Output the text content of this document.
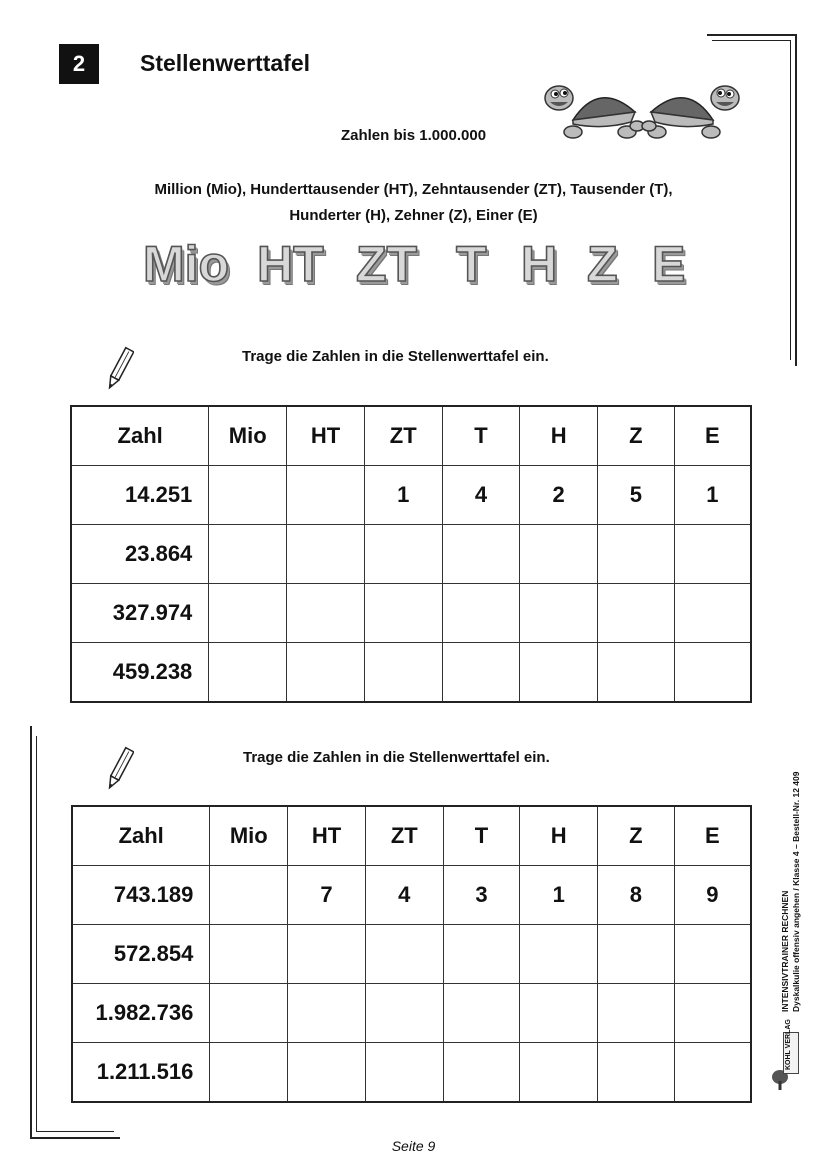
2	Stellenwerttafel
Zahlen bis 1.000.000
Million (Mio), Hunderttausender (HT), Zehntausender (ZT), Tausender (T),
Hunderter (H), Zehner (Z), Einer (E)
Mio HT ZT T H Z E
Trage die Zahlen in die Stellenwerttafel ein.
Zahl	Mio	HT	ZT	T	H	Z	E
14.251			1	4	2	5	1
23.864							
327.974							
459.238							
Trage die Zahlen in die Stellenwerttafel ein.
Zahl	Mio	HT	ZT	T	H	Z	E
743.189		7	4	3	1	8	9
572.854							
1.982.736							
1.211.516							
INTENSIVTRAINER RECHNEN Dyskalkulie offensiv angehen / Klasse 4 – Bestell-Nr. 12 409
KOHL VERLAG
Seite 9
